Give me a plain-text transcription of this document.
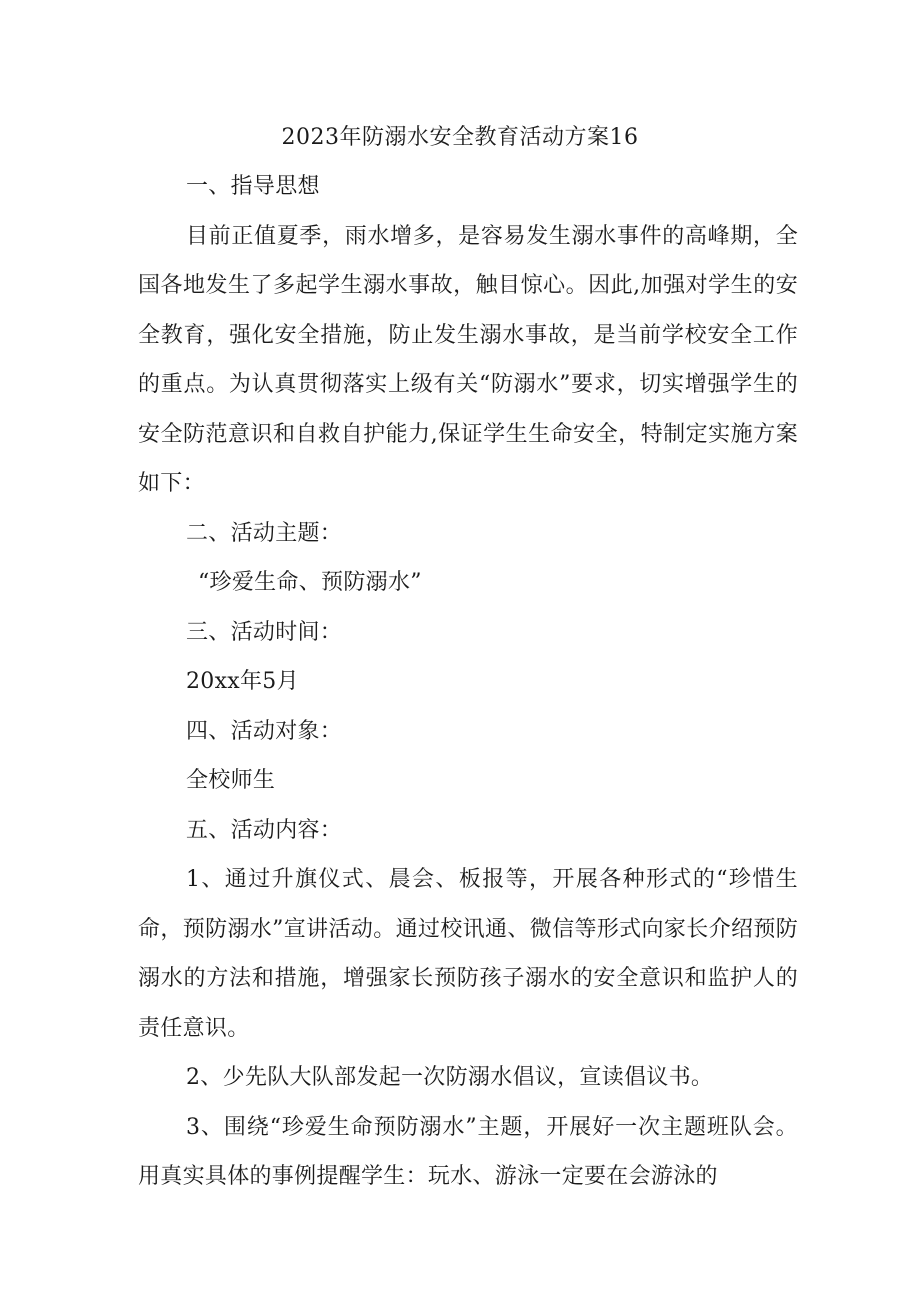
2023年防溺水安全教育活动方案16

一、指导思想

目前正值夏季，雨水增多，是容易发生溺水事件的高峰期，全国各地发生了多起学生溺水事故，触目惊心。因此,加强对学生的安全教育，强化安全措施，防止发生溺水事故，是当前学校安全工作的重点。为认真贯彻落实上级有关“防溺水”要求，切实增强学生的安全防范意识和自救自护能力,保证学生生命安全，特制定实施方案如下：

二、活动主题：

“珍爱生命、预防溺水”

三、活动时间：

20xx年5月

四、活动对象：

全校师生

五、活动内容：

1、通过升旗仪式、晨会、板报等，开展各种形式的“珍惜生命，预防溺水”宣讲活动。通过校讯通、微信等形式向家长介绍预防溺水的方法和措施，增强家长预防孩子溺水的安全意识和监护人的责任意识。

2、少先队大队部发起一次防溺水倡议，宣读倡议书。

3、围绕“珍爱生命预防溺水”主题，开展好一次主题班队会。用真实具体的事例提醒学生：玩水、游泳一定要在会游泳的
